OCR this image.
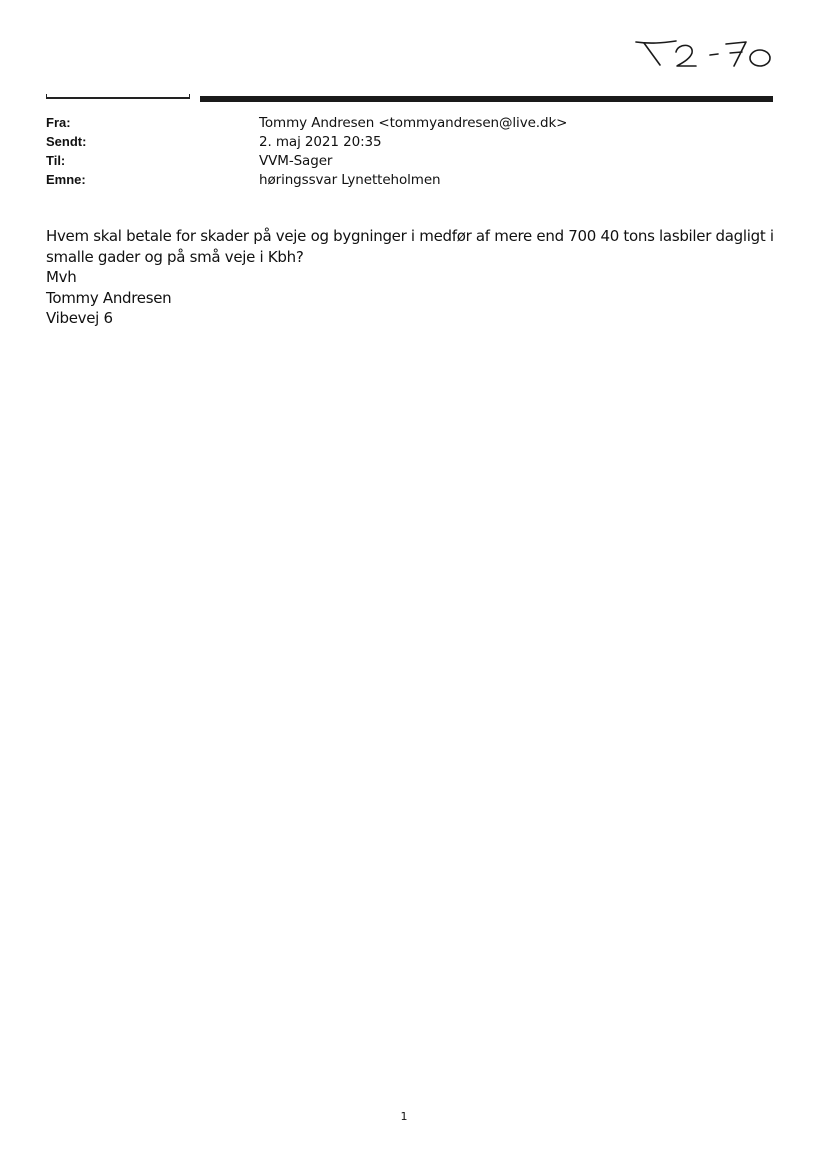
Fra:	Tommy Andresen <tommyandresen@live.dk>
Sendt:	2. maj 2021 20:35
Til:	VVM-Sager
Emne:	høringssvar Lynetteholmen

Hvem skal betale for skader på veje og bygninger i medfør af mere end 700 40 tons lasbiler dagligt i smalle gader og på små veje i Kbh?

Mvh

Tommy Andresen

Vibevej 6

1
